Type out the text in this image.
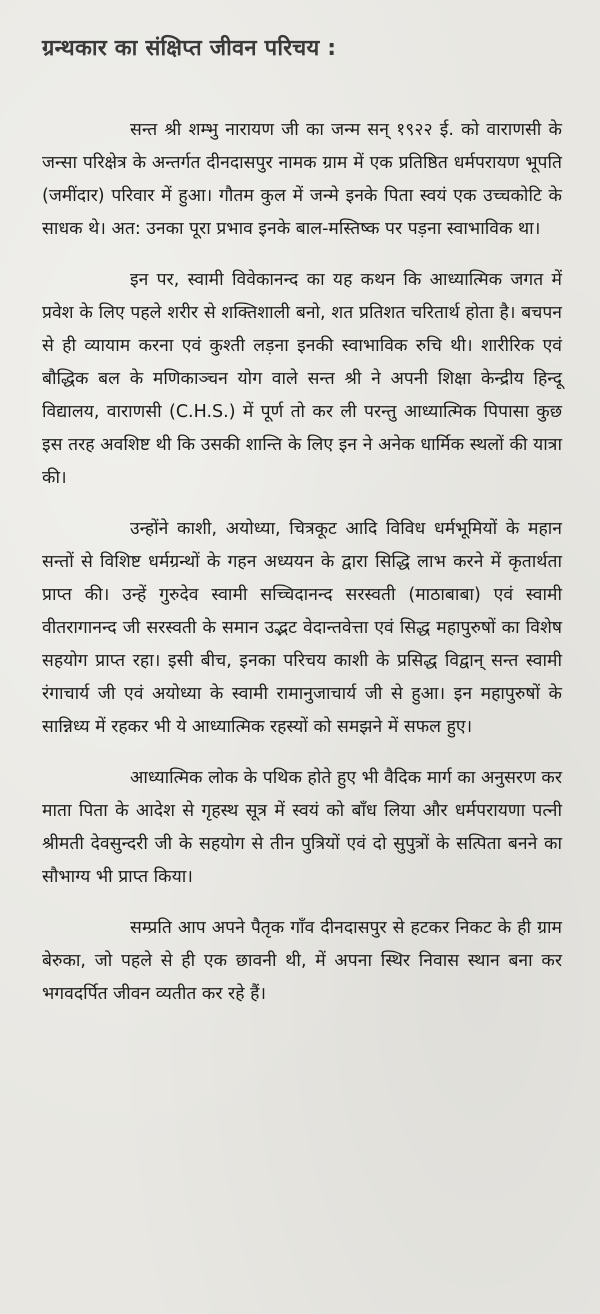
ग्रन्थकार का संक्षिप्त जीवन परिचय :

सन्त श्री शम्भु नारायण जी का जन्म सन् १९२२ ई. को वाराणसी के जन्सा परिक्षेत्र के अन्तर्गत दीनदासपुर नामक ग्राम में एक प्रतिष्ठित धर्मपरायण भूपति (जमींदार) परिवार में हुआ। गौतम कुल में जन्मे इनके पिता स्वयं एक उच्चकोटि के साधक थे। अत: उनका पूरा प्रभाव इनके बाल-मस्तिष्क पर पड़ना स्वाभाविक था।

इन पर, स्वामी विवेकानन्द का यह कथन कि आध्यात्मिक जगत में प्रवेश के लिए पहले शरीर से शक्तिशाली बनो, शत प्रतिशत चरितार्थ होता है। बचपन से ही व्यायाम करना एवं कुश्ती लड़ना इनकी स्वाभाविक रुचि थी। शारीरिक एवं बौद्धिक बल के मणिकाञ्चन योग वाले सन्त श्री ने अपनी शिक्षा केन्द्रीय हिन्दू विद्यालय, वाराणसी (C.H.S.) में पूर्ण तो कर ली परन्तु आध्यात्मिक पिपासा कुछ इस तरह अवशिष्ट थी कि उसकी शान्ति के लिए इन ने अनेक धार्मिक स्थलों की यात्रा की।

उन्होंने काशी, अयोध्या, चित्रकूट आदि विविध धर्मभूमियों के महान सन्तों से विशिष्ट धर्मग्रन्थों के गहन अध्ययन के द्वारा सिद्धि लाभ करने में कृतार्थता प्राप्त की। उन्हें गुरुदेव स्वामी सच्चिदानन्द सरस्वती (माठाबाबा) एवं स्वामी वीतरागानन्द जी सरस्वती के समान उद्भट वेदान्तवेत्ता एवं सिद्ध महापुरुषों का विशेष सहयोग प्राप्त रहा। इसी बीच, इनका परिचय काशी के प्रसिद्ध विद्वान् सन्त स्वामी रंगाचार्य जी एवं अयोध्या के स्वामी रामानुजाचार्य जी से हुआ। इन महापुरुषों के सान्निध्य में रहकर भी ये आध्यात्मिक रहस्यों को समझने में सफल हुए।

आध्यात्मिक लोक के पथिक होते हुए भी वैदिक मार्ग का अनुसरण कर माता पिता के आदेश से गृहस्थ सूत्र में स्वयं को बाँध लिया और धर्मपरायणा पत्नी श्रीमती देवसुन्दरी जी के सहयोग से तीन पुत्रियों एवं दो सुपुत्रों के सत्पिता बनने का सौभाग्य भी प्राप्त किया।

सम्प्रति आप अपने पैतृक गाँव दीनदासपुर से हटकर निकट के ही ग्राम बेरुका, जो पहले से ही एक छावनी थी, में अपना स्थिर निवास स्थान बना कर भगवदर्पित जीवन व्यतीत कर रहे हैं।
